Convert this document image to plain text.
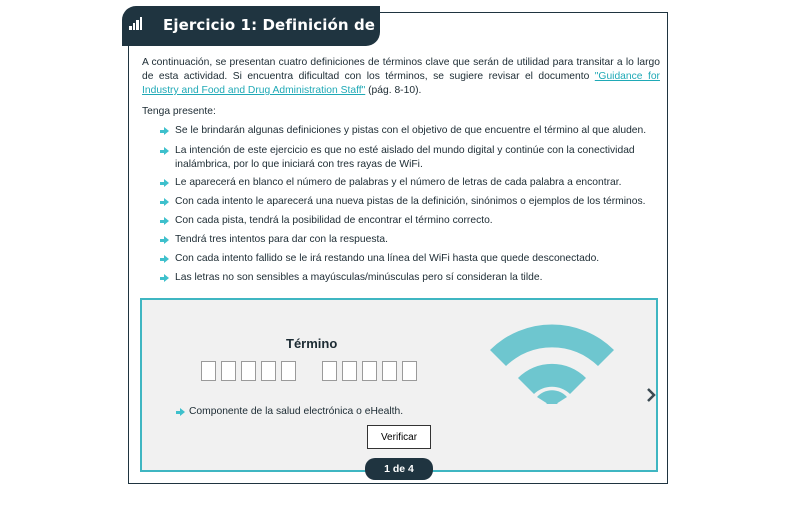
Ejercicio 1: Definición de términos
A continuación, se presentan cuatro definiciones de términos clave que serán de utilidad para transitar a lo largo de esta actividad. Si encuentra dificultad con los términos, se sugiere revisar el documento "Guidance for Industry and Food and Drug Administration Staff" (pág. 8-10).
Tenga presente:
Se le brindarán algunas definiciones y pistas con el objetivo de que encuentre el término al que aluden.
La intención de este ejercicio es que no esté aislado del mundo digital y continúe con la conectividad inalámbrica, por lo que iniciará con tres rayas de WiFi.
Le aparecerá en blanco el número de palabras y el número de letras de cada palabra a encontrar.
Con cada intento le aparecerá una nueva pistas de la definición, sinónimos o ejemplos de los términos.
Con cada pista, tendrá la posibilidad de encontrar el término correcto.
Tendrá tres intentos para dar con la respuesta.
Con cada intento fallido se le irá restando una línea del WiFi hasta que quede desconectado.
Las letras no son sensibles a mayúsculas/minúsculas pero sí consideran la tilde.
Término
Componente de la salud electrónica o eHealth.
Verificar
1 de 4
